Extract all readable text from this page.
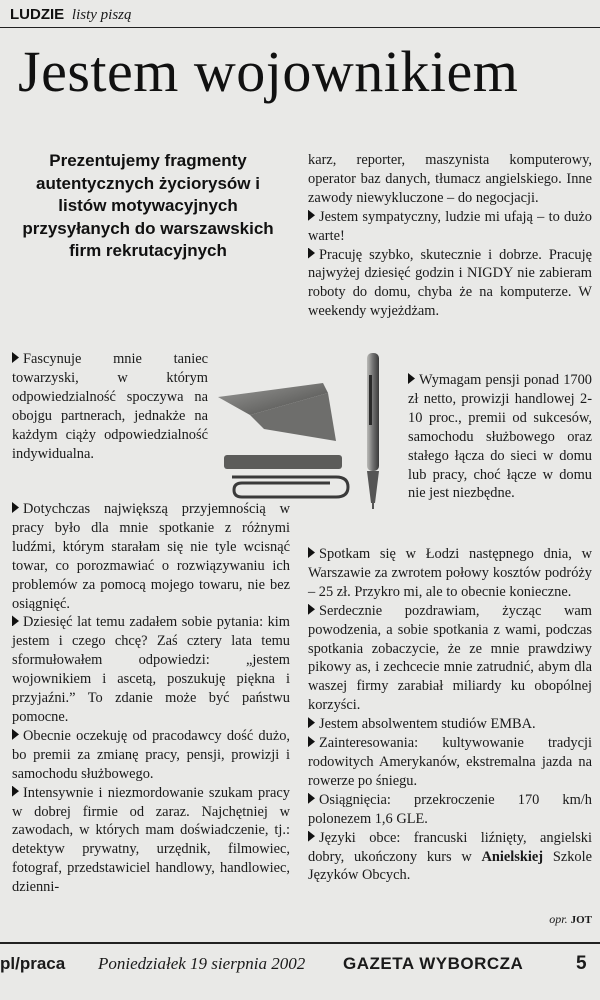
LUDZIE listy piszą
Jestem wojownikiem
Prezentujemy fragmenty autentycznych życiorysów i listów motywacyjnych przysyłanych do warszawskich firm rekrutacyjnych

karz, reporter, maszynista komputerowy, operator baz danych, tłumacz angielskiego. Inne zawody niewykluczone – do negocjacji.

Jestem sympatyczny, ludzie mi ufają – to dużo warte!

Pracuję szybko, skutecznie i dobrze. Pracuję najwyżej dziesięć godzin i NIGDY nie zabieram roboty do domu, chyba że na komputerze. W weekendy wyjeżdżam.

Wymagam pensji ponad 1700 zł netto, prowizji handlowej 2-10 proc., premii od sukcesów, samochodu służbowego oraz stałego łącza do sieci w domu lub pracy, choć łącze w domu nie jest niezbędne.

Spotkam się w Łodzi następnego dnia, w Warszawie za zwrotem połowy kosztów podróży – 25 zł. Przykro mi, ale to obecnie konieczne.

Serdecznie pozdrawiam, życząc wam powodzenia, a sobie spotkania z wami, podczas spotkania zobaczycie, że ze mnie prawdziwy pikowy as, i zechcecie mnie zatrudnić, abym dla waszej firmy zarabiał miliardy ku obopólnej korzyści.

Jestem absolwentem studiów EMBA.

Zainteresowania: kultywowanie tradycji rodowitych Amerykanów, ekstremalna jazda na rowerze po śniegu.

Osiągnięcia: przekroczenie 170 km/h polonezem 1,6 GLE.

Języki obce: francuski liźnięty, angielski dobry, ukończony kurs w Anielskiej Szkole Języków Obcych.

opr. JOT

Fascynuje mnie taniec towarzyski, w którym odpowiedzialność spoczywa na obojgu partnerach, jednakże na każdym ciąży odpowiedzialność indywidualna.

Dotychczas największą przyjemnością w pracy było dla mnie spotkanie z różnymi ludźmi, którym starałam się nie tyle wcisnąć towar, co porozmawiać o rozwiązywaniu ich problemów za pomocą mojego towaru, nie bez osiągnięć.

Dziesięć lat temu zadałem sobie pytania: kim jestem i czego chcę? Zaś cztery lata temu sformułowałem odpowiedzi: „jestem wojownikiem i ascetą, poszukuję piękna i przyjaźni.” To zdanie może być państwu pomocne.

Obecnie oczekuję od pracodawcy dość dużo, bo premii za zmianę pracy, pensji, prowizji i samochodu służbowego.

Intensywnie i niezmordowanie szukam pracy w dobrej firmie od zaraz. Najchętniej w zawodach, w których mam doświadczenie, tj.: detektyw prywatny, urzędnik, filmowiec, fotograf, przedstawiciel handlowy, handlowiec, dzienni-

pl/praca Poniedziałek 19 sierpnia 2002 GAZETA WYBORCZA	5
